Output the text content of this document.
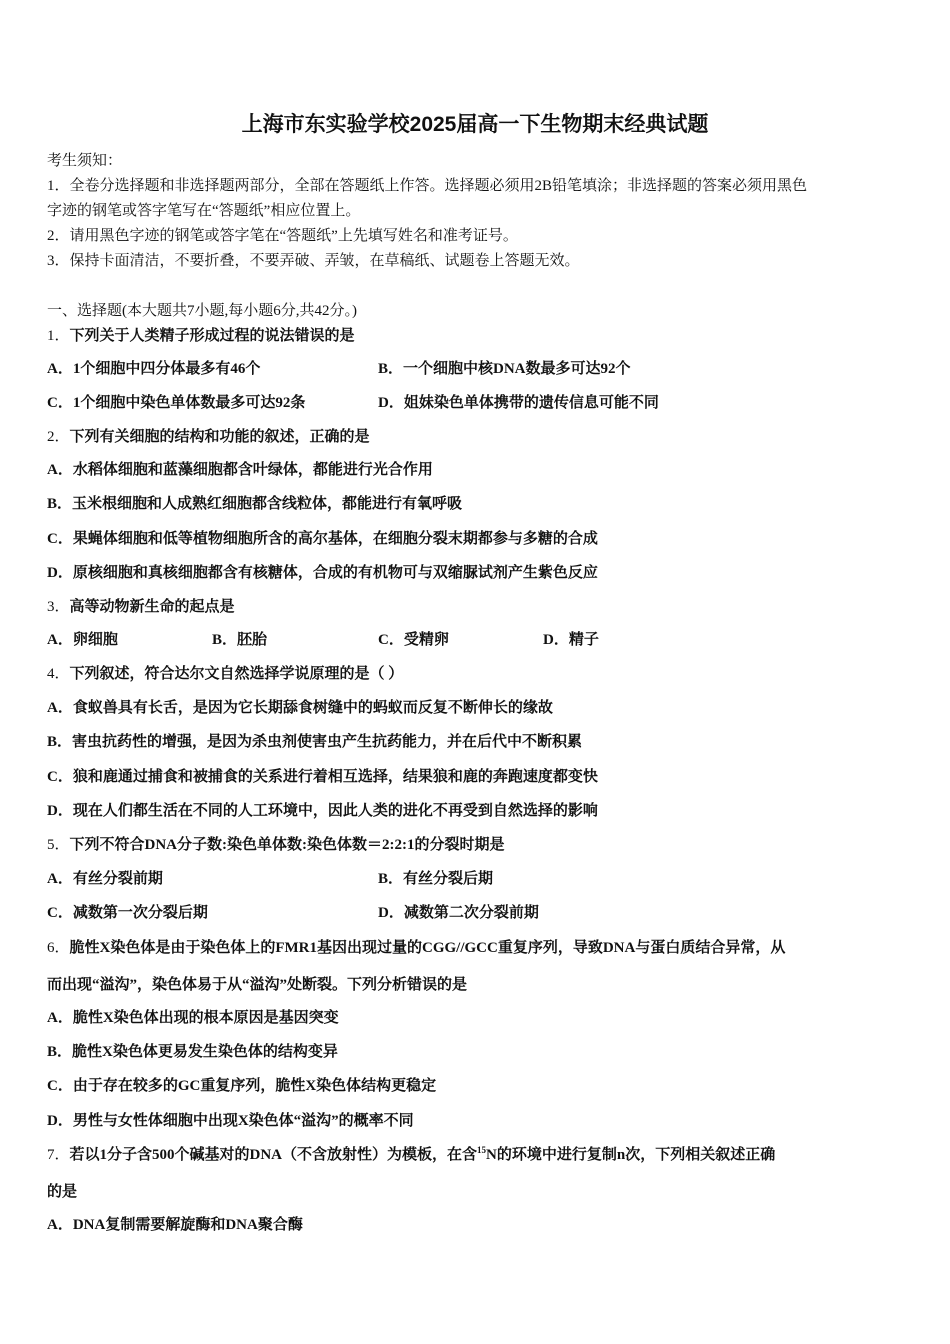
上海市东实验学校2025届高一下生物期末经典试题
考生须知：
1．全卷分选择题和非选择题两部分，全部在答题纸上作答。选择题必须用2B铅笔填涂；非选择题的答案必须用黑色
字迹的钢笔或答字笔写在“答题纸”相应位置上。
2．请用黑色字迹的钢笔或答字笔在“答题纸”上先填写姓名和准考证号。
3．保持卡面清洁，不要折叠，不要弄破、弄皱，在草稿纸、试题卷上答题无效。
一、选择题(本大题共7小题,每小题6分,共42分。)
1．下列关于人类精子形成过程的说法错误的是
A．1个细胞中四分体最多有46个	B．一个细胞中核DNA数最多可达92个
C．1个细胞中染色单体数最多可达92条	D．姐妹染色单体携带的遗传信息可能不同
2．下列有关细胞的结构和功能的叙述，正确的是
A．水稻体细胞和蓝藻细胞都含叶绿体，都能进行光合作用
B．玉米根细胞和人成熟红细胞都含线粒体，都能进行有氧呼吸
C．果蝇体细胞和低等植物细胞所含的高尔基体，在细胞分裂末期都参与多糖的合成
D．原核细胞和真核细胞都含有核糖体，合成的有机物可与双缩脲试剂产生紫色反应
3．高等动物新生命的起点是
A．卵细胞	B．胚胎	C．受精卵	D．精子
4．下列叙述，符合达尔文自然选择学说原理的是（ ）
A．食蚁兽具有长舌，是因为它长期舔食树缝中的蚂蚁而反复不断伸长的缘故
B．害虫抗药性的增强，是因为杀虫剂使害虫产生抗药能力，并在后代中不断积累
C．狼和鹿通过捕食和被捕食的关系进行着相互选择，结果狼和鹿的奔跑速度都变快
D．现在人们都生活在不同的人工环境中，因此人类的进化不再受到自然选择的影响
5．下列不符合DNA分子数:染色单体数:染色体数＝2:2:1的分裂时期是
A．有丝分裂前期	B．有丝分裂后期
C．减数第一次分裂后期	D．减数第二次分裂前期
6．脆性X染色体是由于染色体上的FMR1基因出现过量的CGG//GCC重复序列，导致DNA与蛋白质结合异常，从
而出现“溢沟”，染色体易于从“溢沟”处断裂。下列分析错误的是
A．脆性X染色体出现的根本原因是基因突变
B．脆性X染色体更易发生染色体的结构变异
C．由于存在较多的GC重复序列，脆性X染色体结构更稳定
D．男性与女性体细胞中出现X染色体“溢沟”的概率不同
7．若以1分子含500个碱基对的DNA（不含放射性）为模板，在含$^{15}$N的环境中进行复制n次，下列相关叙述正确
的是
A．DNA复制需要解旋酶和DNA聚合酶
